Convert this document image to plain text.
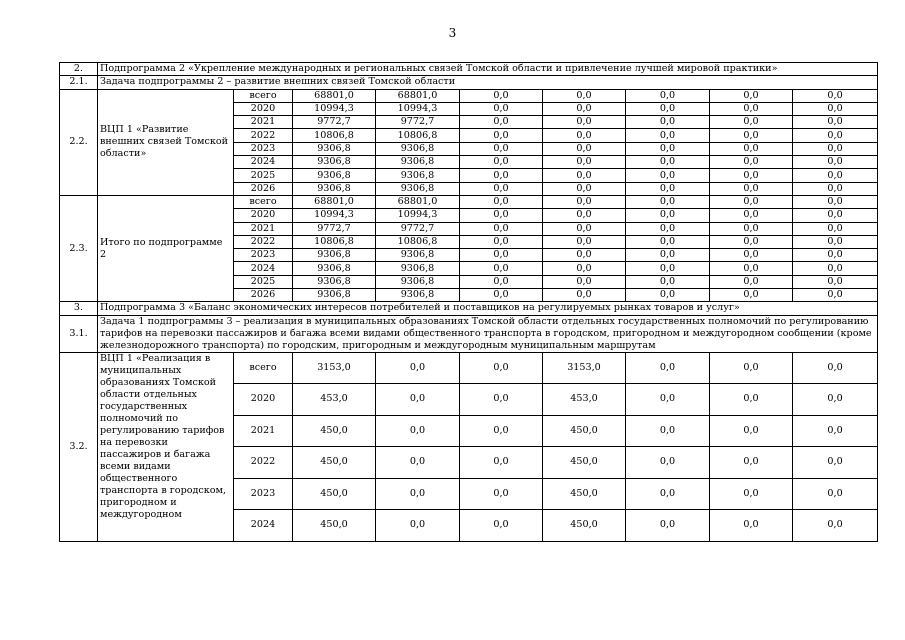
3
2.	Подпрограмма 2 «Укрепление международных и региональных связей Томской области и привлечение лучшей мировой практики»								
2.1.	Задача подпрограммы 2 – развитие внешних связей Томской области								
2.2.	ВЦП 1 «Развитие внешних связей Томской области»	всего	68801,0	68801,0	0,0	0,0	0,0	0,0	0,0
		2020	10994,3	10994,3	0,0	0,0	0,0	0,0	0,0
		2021	9772,7	9772,7	0,0	0,0	0,0	0,0	0,0
		2022	10806,8	10806,8	0,0	0,0	0,0	0,0	0,0
		2023	9306,8	9306,8	0,0	0,0	0,0	0,0	0,0
		2024	9306,8	9306,8	0,0	0,0	0,0	0,0	0,0
		2025	9306,8	9306,8	0,0	0,0	0,0	0,0	0,0
		2026	9306,8	9306,8	0,0	0,0	0,0	0,0	0,0
2.3.	Итого по подпрограмме 2	всего	68801,0	68801,0	0,0	0,0	0,0	0,0	0,0
		2020	10994,3	10994,3	0,0	0,0	0,0	0,0	0,0
		2021	9772,7	9772,7	0,0	0,0	0,0	0,0	0,0
		2022	10806,8	10806,8	0,0	0,0	0,0	0,0	0,0
		2023	9306,8	9306,8	0,0	0,0	0,0	0,0	0,0
		2024	9306,8	9306,8	0,0	0,0	0,0	0,0	0,0
		2025	9306,8	9306,8	0,0	0,0	0,0	0,0	0,0
		2026	9306,8	9306,8	0,0	0,0	0,0	0,0	0,0
3.	Подпрограмма 3 «Баланс экономических интересов потребителей и поставщиков на регулируемых рынках товаров и услуг»								
3.1.	Задача 1 подпрограммы 3 – реализация в муниципальных образованиях Томской области отдельных государственных полномочий по регулированию тарифов на перевозки пассажиров и багажа всеми видами общественного транспорта в городском, пригородном и междугородном сообщении (кроме железнодорожного транспорта) по городским, пригородным и междугородным муниципальным маршрутам								
3.2.	ВЦП 1 «Реализация в муниципальных образованиях Томской области отдельных государственных полномочий по регулированию тарифов на перевозки пассажиров и багажа всеми видами общественного транспорта в городском, пригородном и междугородном	всего	3153,0	0,0	0,0	3153,0	0,0	0,0	0,0
		2020	453,0	0,0	0,0	453,0	0,0	0,0	0,0
		2021	450,0	0,0	0,0	450,0	0,0	0,0	0,0
		2022	450,0	0,0	0,0	450,0	0,0	0,0	0,0
		2023	450,0	0,0	0,0	450,0	0,0	0,0	0,0
		2024	450,0	0,0	0,0	450,0	0,0	0,0	0,0
